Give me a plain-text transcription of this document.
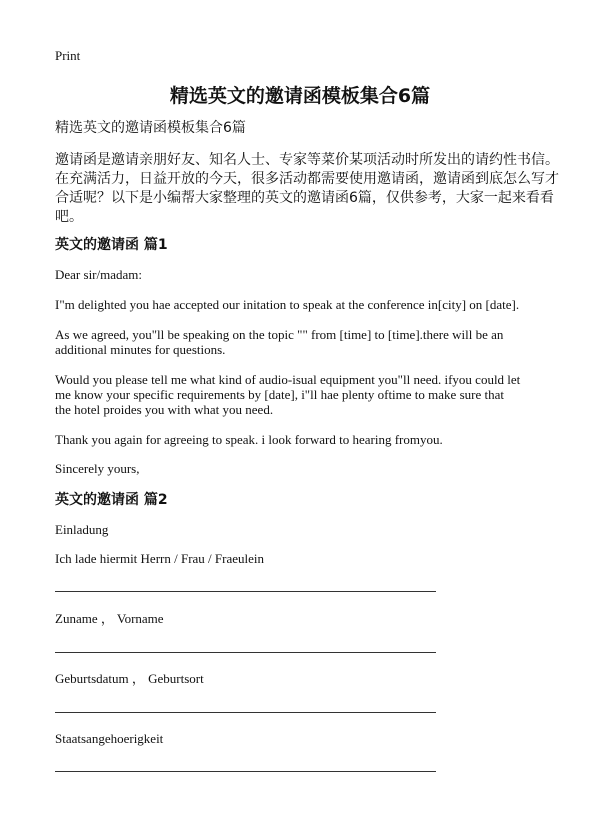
Print
精选英文的邀请函模板集合6篇
精选英文的邀请函模板集合6篇
邀请函是邀请亲朋好友、知名人士、专家等菜价某项活动时所发出的请约性书信。
在充满活力，日益开放的今天，很多活动都需要使用邀请函，邀请函到底怎么写才
合适呢？以下是小编帮大家整理的英文的邀请函6篇，仅供参考，大家一起来看看
吧。
英文的邀请函 篇1
Dear sir/madam:
I"m delighted you hae accepted our initation to speak at the conference in[city] on [date].
As we agreed, you"ll be speaking on the topic "" from [time] to [time].there will be an
additional minutes for questions.
Would you please tell me what kind of audio-isual equipment you"ll need. ifyou could let
me know your specific requirements by [date], i"ll hae plenty oftime to make sure that
the hotel proides you with what you need.
Thank you again for agreeing to speak. i look forward to hearing fromyou.
Sincerely yours,
英文的邀请函 篇2
Einladung
Ich lade hiermit Herrn / Frau / Fraeulein
Zuname ， Vorname
Geburtsdatum ， Geburtsort
Staatsangehoerigkeit
